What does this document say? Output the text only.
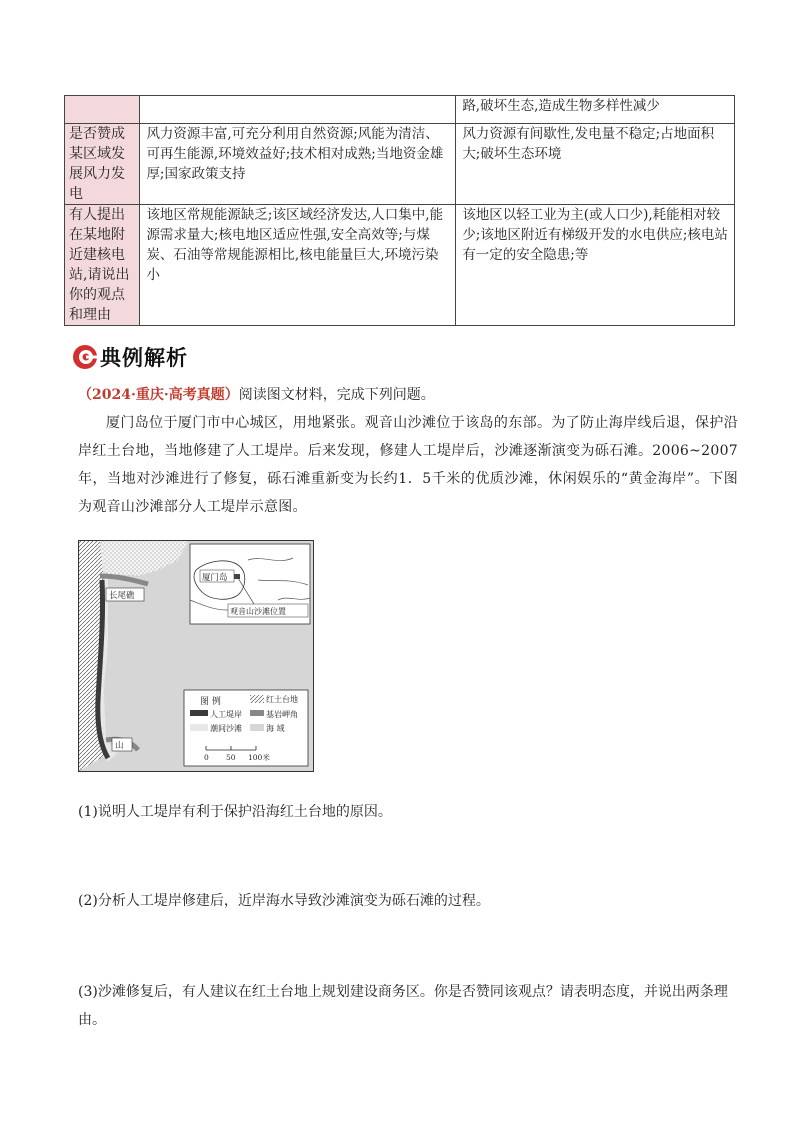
		路,破坏生态,造成生物多样性减少
是否赞成某区域发展风力发电	风力资源丰富,可充分利用自然资源;风能为清洁、可再生能源,环境效益好;技术相对成熟;当地资金雄厚;国家政策支持	风力资源有间歇性,发电量不稳定;占地面积大;破坏生态环境
有人提出在某地附近建核电站,请说出你的观点和理由	该地区常规能源缺乏;该区域经济发达,人口集中,能源需求量大;核电地区适应性强,安全高效等;与煤炭、石油等常规能源相比,核电能量巨大,环境污染小	该地区以轻工业为主(或人口少),耗能相对较少;该地区附近有梯级开发的水电供应;核电站有一定的安全隐患;等
典例解析
（2024·重庆·高考真题）阅读图文材料，完成下列问题。
厦门岛位于厦门市中心城区，用地紧张。观音山沙滩位于该岛的东部。为了防止海岸线后退，保护沿岸红土台地，当地修建了人工堤岸。后来发现，修建人工堤岸后，沙滩逐渐演变为砾石滩。2006~2007年，当地对沙滩进行了修复，砾石滩重新变为长约1．5千米的优质沙滩，休闲娱乐的“黄金海岸”。下图为观音山沙滩部分人工堤岸示意图。
长尾礁
山
厦门岛
观音山沙滩位置
图 例
人工堤岸
红土台地
基岩岬角
潮间沙滩	海 域
0 50 100米
(1)说明人工堤岸有利于保护沿海红土台地的原因。
(2)分析人工堤岸修建后，近岸海水导致沙滩演变为砾石滩的过程。
(3)沙滩修复后，有人建议在红土台地上规划建设商务区。你是否赞同该观点？请表明态度，并说出两条理由。
